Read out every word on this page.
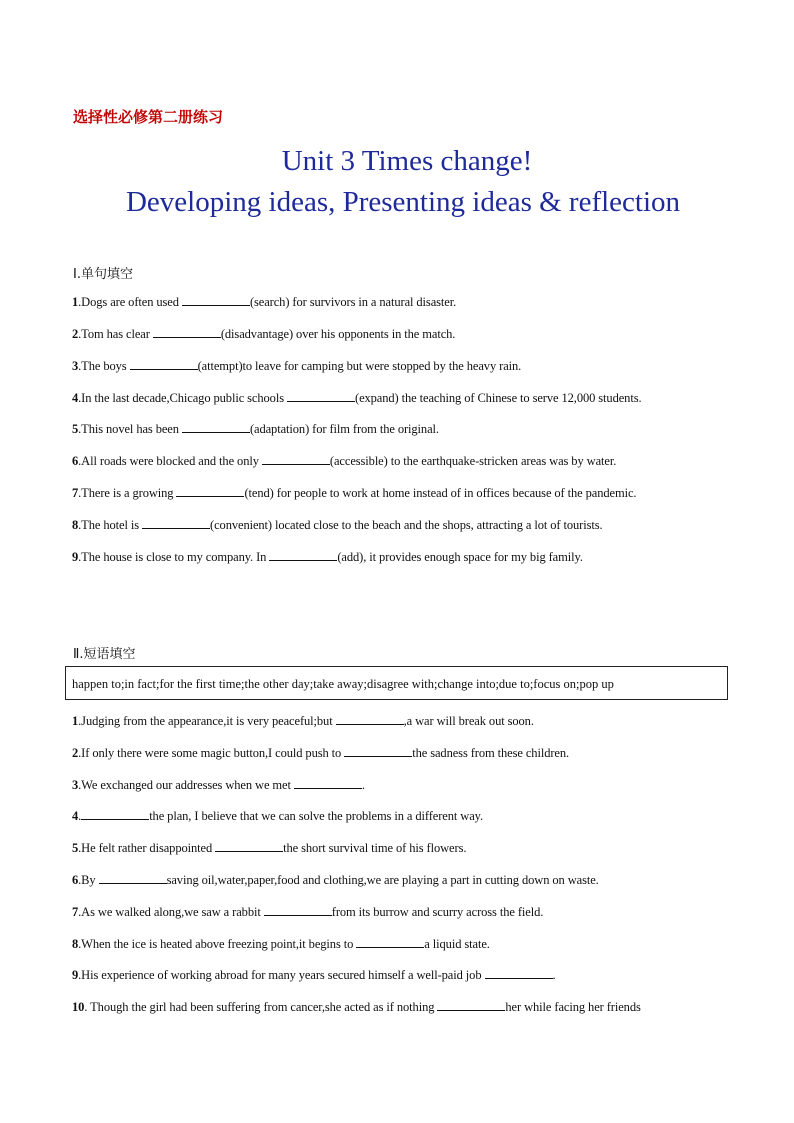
选择性必修第二册练习
Unit 3 Times change!
Developing ideas, Presenting ideas & reflection
Ⅰ.单句填空
1.Dogs are often used	(search) for survivors in a natural disaster.
2.Tom has clear	(disadvantage) over his opponents in the match.
3.The boys	(attempt)to leave for camping but were stopped by the heavy rain.
4.In the last decade,Chicago public schools	(expand) the teaching of Chinese to serve 12,000 students.
5.This novel has been	(adaptation) for film from the original.
6.All roads were blocked and the only	(accessible) to the earthquake-stricken areas was by water.
7.There is a growing	(tend) for people to work at home instead of in offices because of the pandemic.
8.The hotel is	(convenient) located close to the beach and the shops, attracting a lot of tourists.
9.The house is close to my company. In	(add), it provides enough space for my big family.
Ⅱ.短语填空
happen to;in fact;for the first time;the other day;take away;disagree with;change into;due to;focus on;pop up
1.Judging from the appearance,it is very peaceful;but	,a war will break out soon.
2.If only there were some magic button,I could push to	the sadness from these children.
3.We exchanged our addresses when we met	.
4.	the plan, I believe that we can solve the problems in a different way.
5.He felt rather disappointed	the short survival time of his flowers.
6.By	saving oil,water,paper,food and clothing,we are playing a part in cutting down on waste.
7.As we walked along,we saw a rabbit	from its burrow and scurry across the field.
8.When the ice is heated above freezing point,it begins to	a liquid state.
9.His experience of working abroad for many years secured himself a well-paid job	.
10. Though the girl had been suffering from cancer,she acted as if nothing	her while facing her friends
